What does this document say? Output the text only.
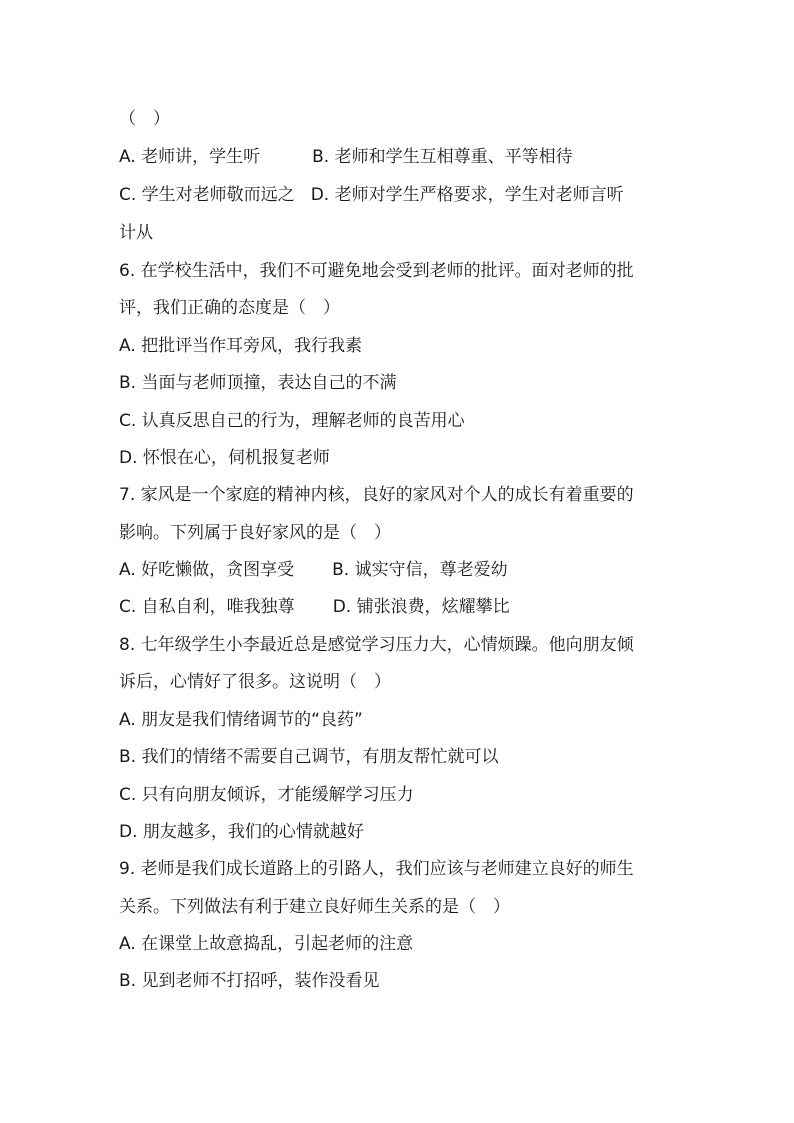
（　）
A. 老师讲，学生听	B. 老师和学生互相尊重、平等相待
C. 学生对老师敬而远之 D. 老师对学生严格要求，学生对老师言听
计从
6. 在学校生活中，我们不可避免地会受到老师的批评。面对老师的批
评，我们正确的态度是（　）
A. 把批评当作耳旁风，我行我素
B. 当面与老师顶撞，表达自己的不满
C. 认真反思自己的行为，理解老师的良苦用心
D. 怀恨在心，伺机报复老师
7. 家风是一个家庭的精神内核，良好的家风对个人的成长有着重要的
影响。下列属于良好家风的是（　）
A. 好吃懒做，贪图享受 B. 诚实守信，尊老爱幼
C. 自私自利，唯我独尊 D. 铺张浪费，炫耀攀比
8. 七年级学生小李最近总是感觉学习压力大，心情烦躁。他向朋友倾
诉后，心情好了很多。这说明（　）
A. 朋友是我们情绪调节的“良药”
B. 我们的情绪不需要自己调节，有朋友帮忙就可以
C. 只有向朋友倾诉，才能缓解学习压力
D. 朋友越多，我们的心情就越好
9. 老师是我们成长道路上的引路人，我们应该与老师建立良好的师生
关系。下列做法有利于建立良好师生关系的是（　）
A. 在课堂上故意捣乱，引起老师的注意
B. 见到老师不打招呼，装作没看见
